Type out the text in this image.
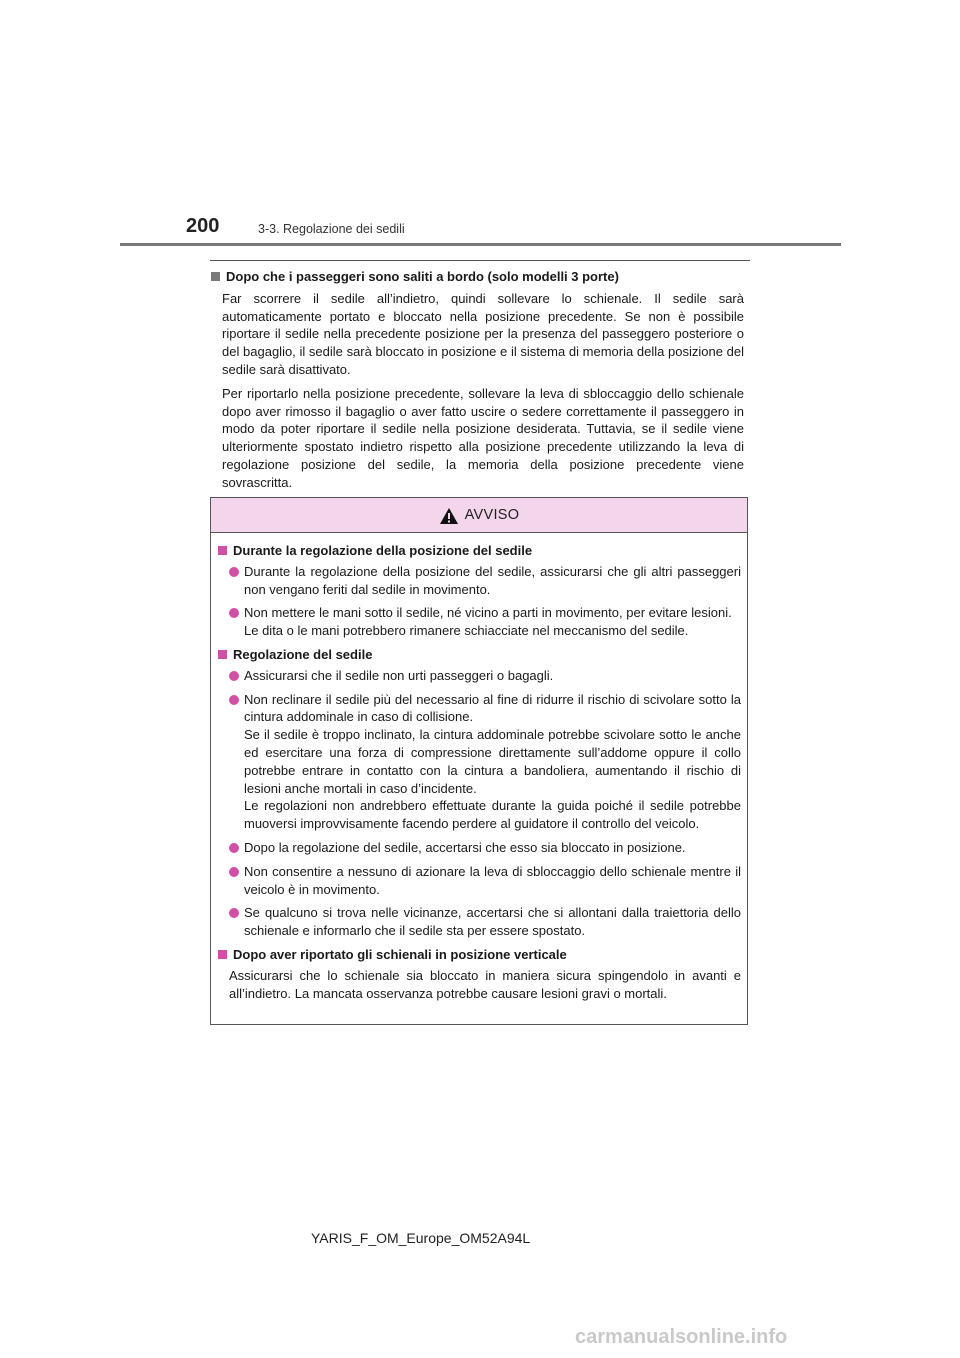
200	3-3. Regolazione dei sedili
Dopo che i passeggeri sono saliti a bordo (solo modelli 3 porte)

Far scorrere il sedile all’indietro, quindi sollevare lo schienale. Il sedile sarà automaticamente portato e bloccato nella posizione precedente. Se non è possibile riportare il sedile nella precedente posizione per la presenza del passeggero posteriore o del bagaglio, il sedile sarà bloccato in posizione e il sistema di memoria della posizione del sedile sarà disattivato.

Per riportarlo nella posizione precedente, sollevare la leva di sbloccaggio dello schienale dopo aver rimosso il bagaglio o aver fatto uscire o sedere correttamente il passeggero in modo da poter riportare il sedile nella posizione desiderata. Tuttavia, se il sedile viene ulteriormente spostato indietro rispetto alla posizione precedente utilizzando la leva di regolazione posizione del sedile, la memoria della posizione precedente viene sovrascritta.

AVVISO
Durante la regolazione della posizione del sedile
Durante la regolazione della posizione del sedile, assicurarsi che gli altri passeggeri non vengano feriti dal sedile in movimento.
Non mettere le mani sotto il sedile, né vicino a parti in movimento, per evitare lesioni.
Le dita o le mani potrebbero rimanere schiacciate nel meccanismo del sedile.
Regolazione del sedile
Assicurarsi che il sedile non urti passeggeri o bagagli.
Non reclinare il sedile più del necessario al fine di ridurre il rischio di scivolare sotto la cintura addominale in caso di collisione.
Se il sedile è troppo inclinato, la cintura addominale potrebbe scivolare sotto le anche ed esercitare una forza di compressione direttamente sull’addome oppure il collo potrebbe entrare in contatto con la cintura a bandoliera, aumentando il rischio di lesioni anche mortali in caso d’incidente.
Le regolazioni non andrebbero effettuate durante la guida poiché il sedile potrebbe muoversi improvvisamente facendo perdere al guidatore il controllo del veicolo.
Dopo la regolazione del sedile, accertarsi che esso sia bloccato in posizione.
Non consentire a nessuno di azionare la leva di sbloccaggio dello schienale mentre il veicolo è in movimento.
Se qualcuno si trova nelle vicinanze, accertarsi che si allontani dalla traiettoria dello schienale e informarlo che il sedile sta per essere spostato.
Dopo aver riportato gli schienali in posizione verticale

Assicurarsi che lo schienale sia bloccato in maniera sicura spingendolo in avanti e all’indietro. La mancata osservanza potrebbe causare lesioni gravi o mortali.

YARIS_F_OM_Europe_OM52A94L
carmanualsonline.info
